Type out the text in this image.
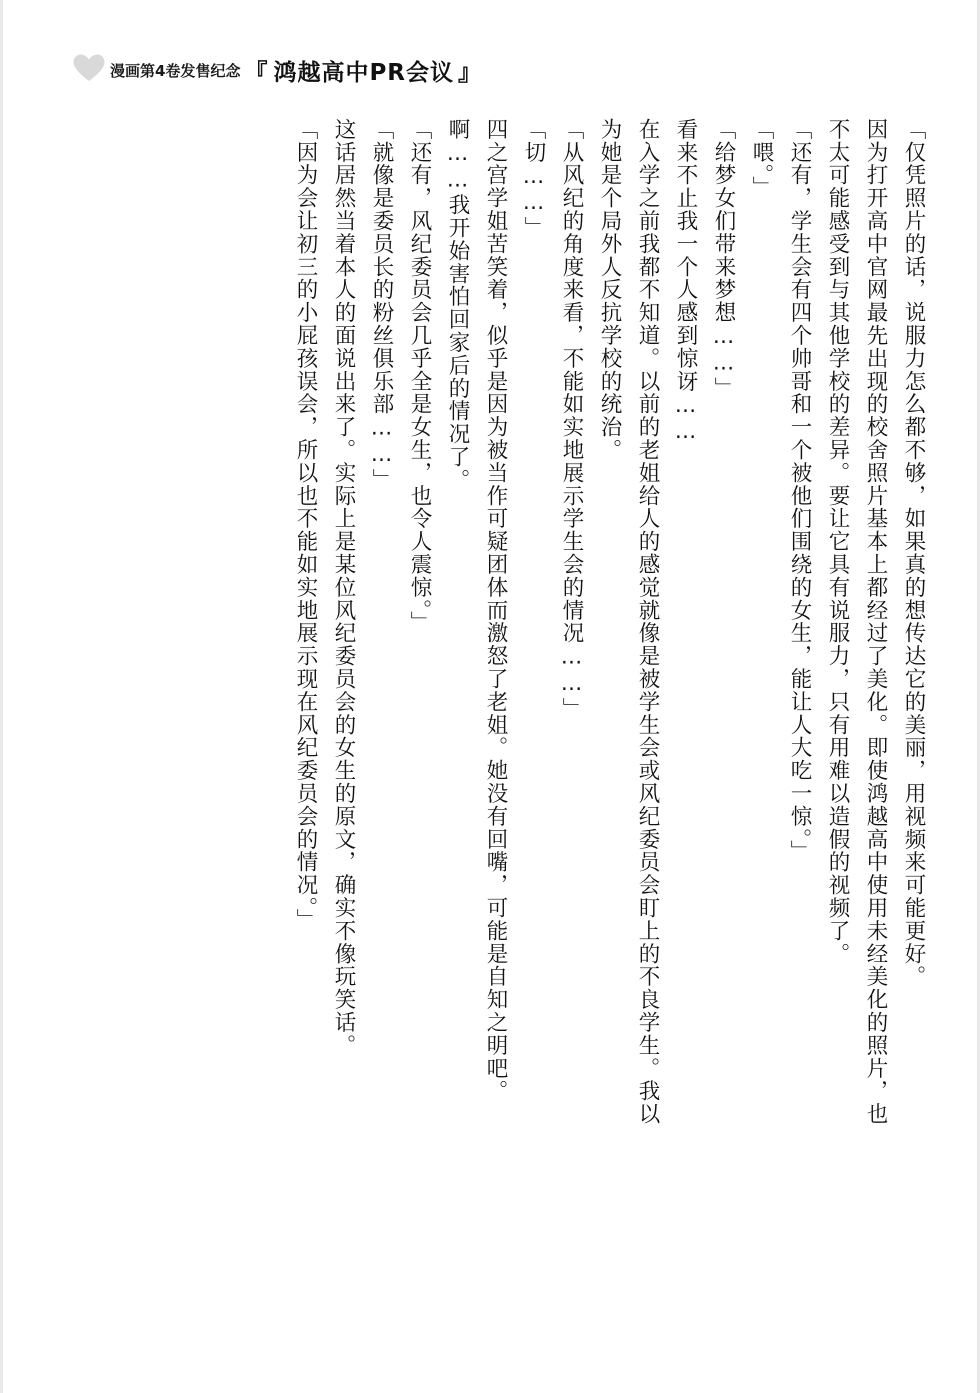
漫画第4卷发售纪念 『 鸿越高中PR会议 』
「仅凭照片的话，说服力怎么都不够，如果真的想传达它的美丽，用视频来可能更好。
因为打开高中官网最先出现的校舍照片基本上都经过了美化。即使鸿越高中使用未经美化的照片，也
不太可能感受到与其他学校的差异。要让它具有说服力，只有用难以造假的视频了。
「还有，学生会有四个帅哥和一个被他们围绕的女生，能让人大吃一惊。」
「喂。」
「给梦女们带来梦想……」
看来不止我一个人感到惊讶……
在入学之前我都不知道。以前的老姐给人的感觉就像是被学生会或风纪委员会盯上的不良学生。我以
为她是个局外人反抗学校的统治。
「从风纪的角度来看，不能如实地展示学生会的情况……」
「切……」
四之宫学姐苦笑着，似乎是因为被当作可疑团体而激怒了老姐。她没有回嘴，可能是自知之明吧。
啊……我开始害怕回家后的情况了。
「还有，风纪委员会几乎全是女生，也令人震惊。」
「就像是委员长的粉丝俱乐部……」
这话居然当着本人的面说出来了。实际上是某位风纪委员会的女生的原文，确实不像玩笑话。
「因为会让初三的小屁孩误会，所以也不能如实地展示现在风纪委员会的情况。」
